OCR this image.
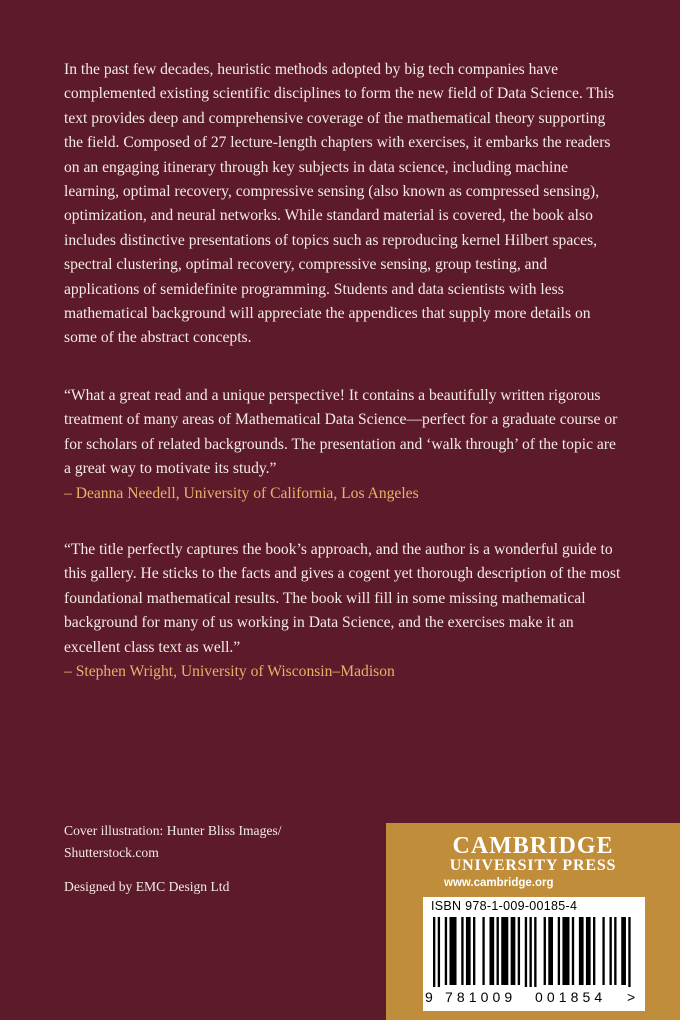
In the past few decades, heuristic methods adopted by big tech companies have complemented existing scientific disciplines to form the new field of Data Science. This text provides deep and comprehensive coverage of the mathematical theory supporting the field. Composed of 27 lecture-length chapters with exercises, it embarks the readers on an engaging itinerary through key subjects in data science, including machine learning, optimal recovery, compressive sensing (also known as compressed sensing), optimization, and neural networks. While standard material is covered, the book also includes distinctive presentations of topics such as reproducing kernel Hilbert spaces, spectral clustering, optimal recovery, compressive sensing, group testing, and applications of semidefinite programming. Students and data scientists with less mathematical background will appreciate the appendices that supply more details on some of the abstract concepts.

“What a great read and a unique perspective! It contains a beautifully written rigorous treatment of many areas of Mathematical Data Science—perfect for a graduate course or for scholars of related backgrounds. The presentation and ‘walk through’ of the topic are a great way to motivate its study.”
– Deanna Needell, University of California, Los Angeles

“The title perfectly captures the book’s approach, and the author is a wonderful guide to this gallery. He sticks to the facts and gives a cogent yet thorough description of the most foundational mathematical results. The book will fill in some missing mathematical background for many of us working in Data Science, and the exercises make it an excellent class text as well.”
– Stephen Wright, University of Wisconsin–Madison

Cover illustration: Hunter Bliss Images/

Shutterstock.com

Designed by EMC Design Ltd

CAMBRIDGE
UNIVERSITY PRESS
www.cambridge.org
ISBN 978-1-009-00185-4
9 781009 001854 >
